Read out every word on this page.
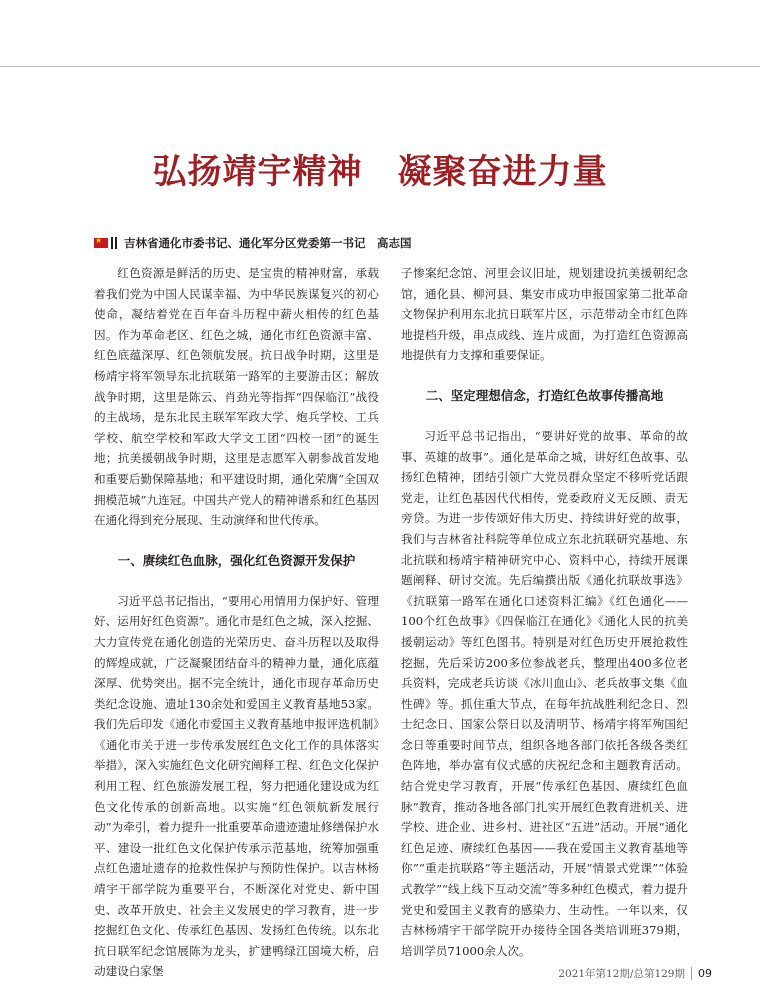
弘扬靖宇精神　凝聚奋进力量
★ 吉林省通化市委书记、通化军分区党委第一书记　高志国

红色资源是鲜活的历史、是宝贵的精神财富，承载着我们党为中国人民谋幸福、为中华民族谋复兴的初心使命，凝结着党在百年奋斗历程中薪火相传的红色基因。作为革命老区、红色之城，通化市红色资源丰富、红色底蕴深厚、红色领航发展。抗日战争时期，这里是杨靖宇将军领导东北抗联第一路军的主要游击区；解放战争时期，这里是陈云、肖劲光等指挥“四保临江”战役的主战场，是东北民主联军军政大学、炮兵学校、工兵学校、航空学校和军政大学文工团“四校一团”的诞生地；抗美援朝战争时期，这里是志愿军入朝参战首发地和重要后勤保障基地；和平建设时期，通化荣膺“全国双拥模范城”九连冠。中国共产党人的精神谱系和红色基因在通化得到充分展现、生动演绎和世代传承。

一、赓续红色血脉，强化红色资源开发保护

习近平总书记指出，“要用心用情用力保护好、管理好、运用好红色资源”。通化市是红色之城，深入挖掘、大力宣传党在通化创造的光荣历史、奋斗历程以及取得的辉煌成就，广泛凝聚团结奋斗的精神力量，通化底蕴深厚、优势突出。据不完全统计，通化市现存革命历史类纪念设施、遗址130余处和爱国主义教育基地53家。我们先后印发《通化市爱国主义教育基地申报评选机制》《通化市关于进一步传承发展红色文化工作的具体落实举措》，深入实施红色文化研究阐释工程、红色文化保护利用工程、红色旅游发展工程，努力把通化建设成为红色文化传承的创新高地。以实施“红色领航新发展行动”为牵引，着力提升一批重要革命遗迹遗址修缮保护水平、建设一批红色文化保护传承示范基地，统筹加强重点红色遗址遗存的抢救性保护与预防性保护。以吉林杨靖宇干部学院为重要平台，不断深化对党史、新中国史、改革开放史、社会主义发展史的学习教育，进一步挖掘红色文化、传承红色基因、发扬红色传统。以东北抗日联军纪念馆展陈为龙头，扩建鸭绿江国境大桥，启动建设白家堡

子惨案纪念馆、河里会议旧址，规划建设抗美援朝纪念馆，通化县、柳河县、集安市成功申报国家第二批革命文物保护利用东北抗日联军片区，示范带动全市红色阵地提档升级，串点成线、连片成面，为打造红色资源高地提供有力支撑和重要保证。

二、坚定理想信念，打造红色故事传播高地

习近平总书记指出，“要讲好党的故事、革命的故事、英雄的故事”。通化是革命之城，讲好红色故事、弘扬红色精神，团结引领广大党员群众坚定不移听党话跟党走，让红色基因代代相传，党委政府义无反顾、责无旁贷。为进一步传颂好伟大历史、持续讲好党的故事，我们与吉林省社科院等单位成立东北抗联研究基地、东北抗联和杨靖宇精神研究中心、资料中心，持续开展课题阐释、研讨交流。先后编撰出版《通化抗联故事选》《抗联第一路军在通化口述资料汇编》《红色通化——100个红色故事》《四保临江在通化》《通化人民的抗美援朝运动》等红色图书。特别是对红色历史开展抢救性挖掘，先后采访200多位参战老兵，整理出400多位老兵资料，完成老兵访谈《冰川血山》、老兵故事文集《血性碑》等。抓住重大节点，在每年抗战胜利纪念日、烈士纪念日、国家公祭日以及清明节、杨靖宇将军殉国纪念日等重要时间节点，组织各地各部门依托各级各类红色阵地，举办富有仪式感的庆祝纪念和主题教育活动。结合党史学习教育，开展“传承红色基因、赓续红色血脉”教育，推动各地各部门扎实开展红色教育进机关、进学校、进企业、进乡村、进社区“五进”活动。开展“通化红色足迹、赓续红色基因——我在爱国主义教育基地等你”“重走抗联路”等主题活动，开展“情景式党课”“体验式教学”“线上线下互动交流”等多种红色模式，着力提升党史和爱国主义教育的感染力、生动性。一年以来，仅吉林杨靖宇干部学院开办接待全国各类培训班379期，培训学员71000余人次。

2021年第12期/总第129期 09
